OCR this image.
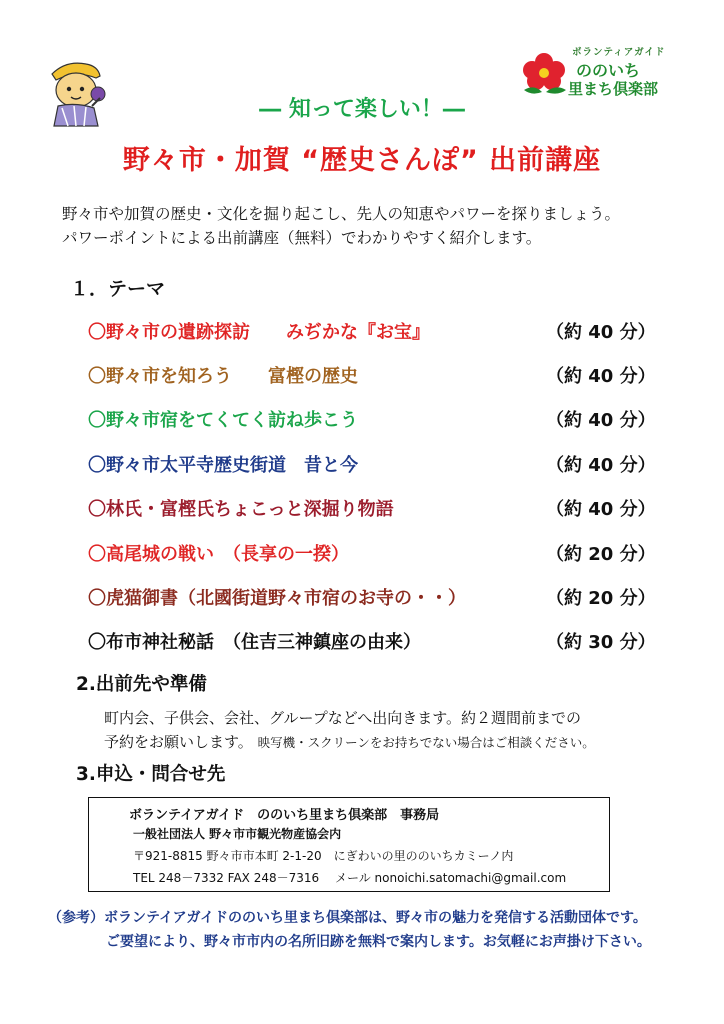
ボランティアガイド
ののいち
里まち倶楽部
― 知って楽しい！―
野々市・加賀 “歴史さんぽ” 出前講座
野々市や加賀の歴史・文化を掘り起こし、先人の知恵やパワーを探りましょう。
パワーポイントによる出前講座（無料）でわかりやすく紹介します。
１．テーマ
〇野々市の遺跡探訪　　みぢかな『お宝』	（約 40 分）
〇野々市を知ろう　　富樫の歴史	（約 40 分）
〇野々市宿をてくてく訪ね歩こう	（約 40 分）
〇野々市太平寺歴史街道　昔と今	（約 40 分）
〇林氏・富樫氏ちょこっと深掘り物語	（約 40 分）
〇高尾城の戦い　（長享の一揆）	（約 20 分）
〇虎猫御書（北國街道野々市宿のお寺の・・）	（約 20 分）
〇布市神社秘話　（住吉三神鎮座の由来）	（約 30 分）
2.出前先や準備
町内会、子供会、会社、グループなどへ出向きます。約２週間前までの
予約をお願いします。 映写機・スクリーンをお持ちでない場合はご相談ください。
3.申込・問合せ先
ボランテイアガイド　ののいち里まち倶楽部　事務局
一般社団法人 野々市市観光物産協会内
〒921-8815 野々市市本町 2-1-20　にぎわいの里ののいちカミーノ内
TEL 248－7332 FAX 248－7316　 メール nonoichi.satomachi@gmail.com
（参考）ボランテイアガイドののいち里まち倶楽部は、野々市の魅力を発信する活動団体です。
ご要望により、野々市市内の名所旧跡を無料で案内します。お気軽にお声掛け下さい。
